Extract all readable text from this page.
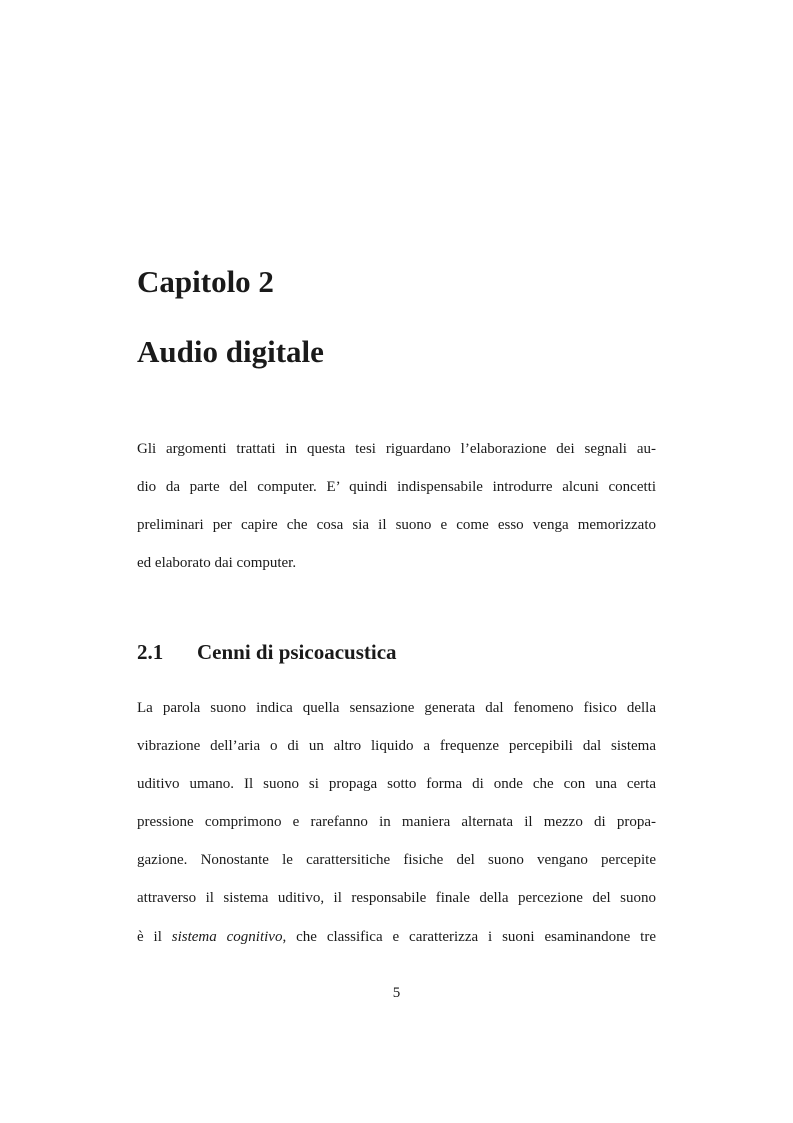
Capitolo 2
Audio digitale

Gli argomenti trattati in questa tesi riguardano l’elaborazione dei segnali au-
dio da parte del computer. E’ quindi indispensabile introdurre alcuni concetti
preliminari per capire che cosa sia il suono e come esso venga memorizzato
ed elaborato dai computer.

2.1 Cenni di psicoacustica

La parola suono indica quella sensazione generata dal fenomeno fisico della
vibrazione dell’aria o di un altro liquido a frequenze percepibili dal sistema
uditivo umano. Il suono si propaga sotto forma di onde che con una certa
pressione comprimono e rarefanno in maniera alternata il mezzo di propa-
gazione. Nonostante le carattersitiche fisiche del suono vengano percepite
attraverso il sistema uditivo, il responsabile finale della percezione del suono
è il sistema cognitivo, che classifica e caratterizza i suoni esaminandone tre

5
